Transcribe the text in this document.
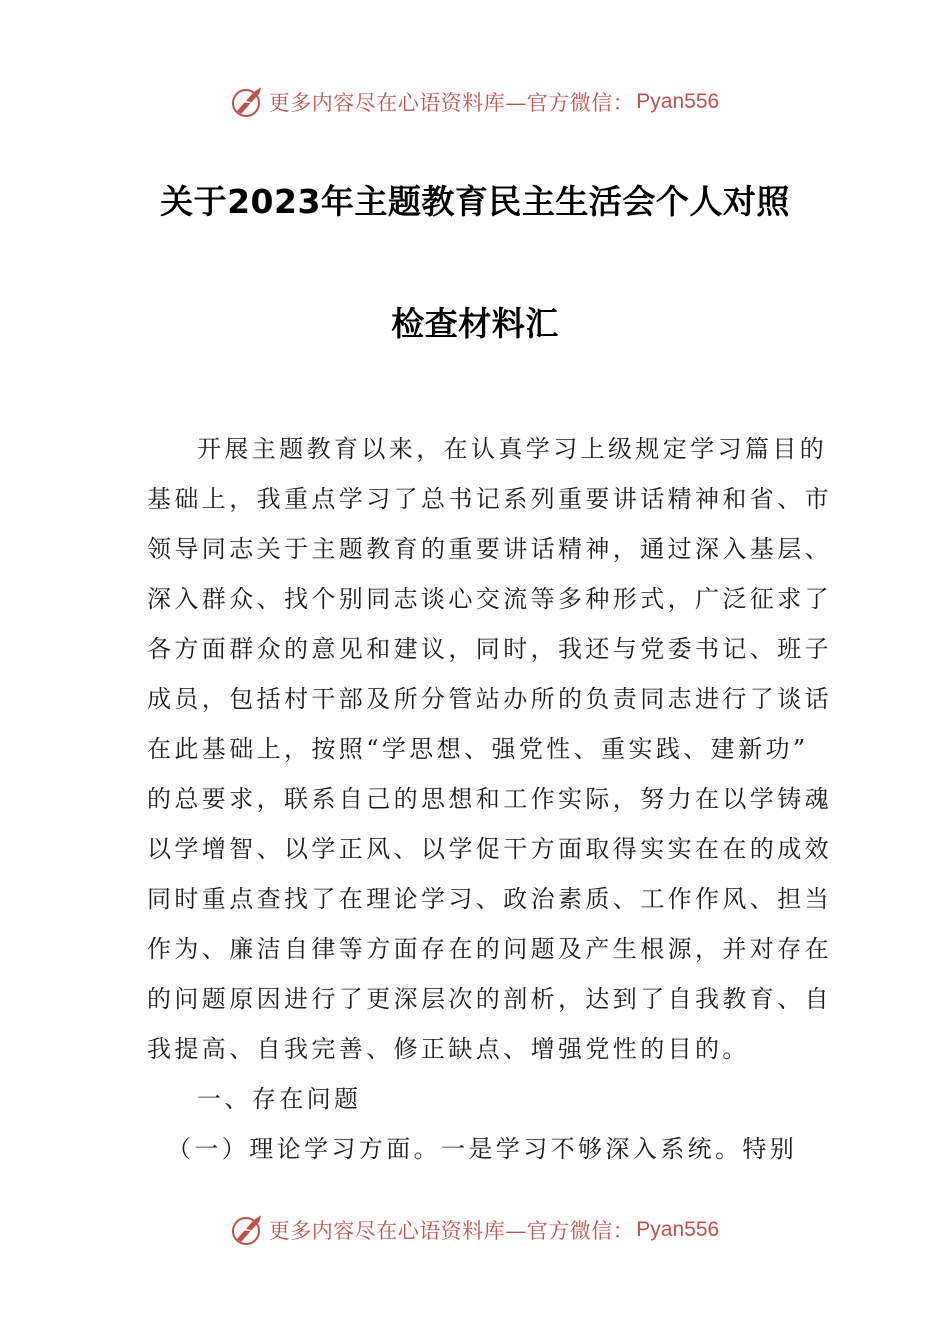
更多内容尽在心语资料库—官方微信： Pyan556
关于2023年主题教育民主生活会个人对照
检查材料汇
开展主题教育以来，在认真学习上级规定学习篇目的
基础上，我重点学习了总书记系列重要讲话精神和省、市
领导同志关于主题教育的重要讲话精神，通过深入基层、
深入群众、找个别同志谈心交流等多种形式，广泛征求了
各方面群众的意见和建议，同时，我还与党委书记、班子
成员，包括村干部及所分管站办所的负责同志进行了谈话
在此基础上，按照“学思想、强党性、重实践、建新功”
的总要求，联系自己的思想和工作实际，努力在以学铸魂
以学增智、以学正风、以学促干方面取得实实在在的成效
同时重点查找了在理论学习、政治素质、工作作风、担当
作为、廉洁自律等方面存在的问题及产生根源，并对存在
的问题原因进行了更深层次的剖析，达到了自我教育、自
我提高、自我完善、修正缺点、增强党性的目的。
一、存在问题
（一）理论学习方面。一是学习不够深入系统。特别
更多内容尽在心语资料库—官方微信： Pyan556
